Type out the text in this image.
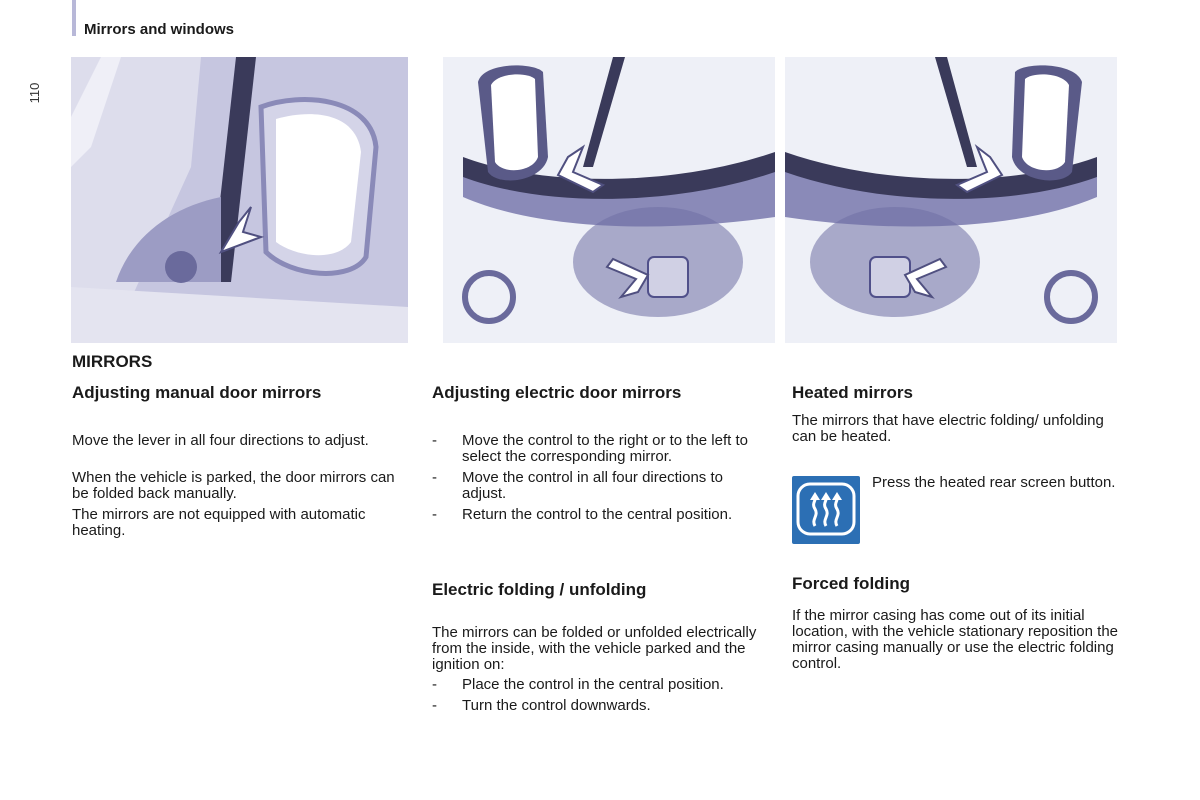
Mirrors and windows
110
MIRRORS
Adjusting manual door mirrors
Move the lever in all four directions to adjust.
When the vehicle is parked, the door mirrors can be folded back manually.
The mirrors are not equipped with automatic heating.
Adjusting electric door mirrors
- Move the control to the right or to the left to select the corresponding mirror.
- Move the control in all four directions to adjust.
- Return the control to the central position.
Electric folding / unfolding
The mirrors can be folded or unfolded electrically from the inside, with the vehicle parked and the ignition on:
- Place the control in the central position.
- Turn the control downwards.
Heated mirrors
The mirrors that have electric folding/ unfolding can be heated.
Press the heated rear screen button.
Forced folding
If the mirror casing has come out of its initial location, with the vehicle stationary reposition the mirror casing manually or use the electric folding control.
